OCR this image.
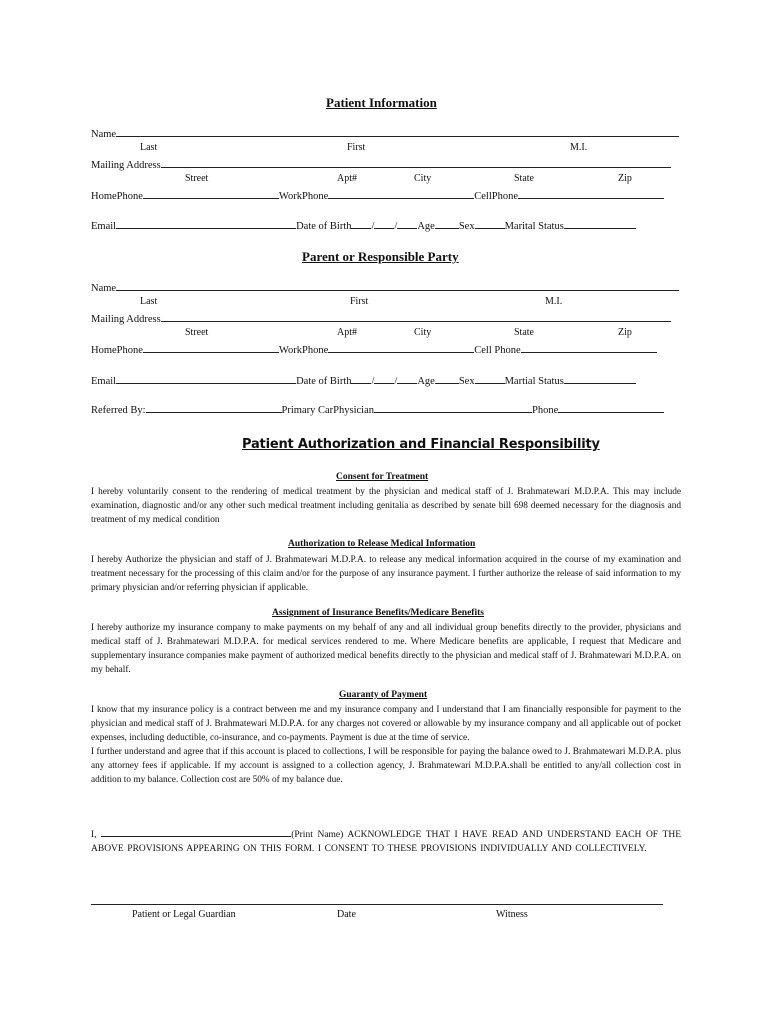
Patient Information
Name
Last	First	M.I.
Mailing Address
Street	Apt#	City	State	Zip
HomePhone	WorkPhone	CellPhone
Email	Date of Birth / / Age Sex	Marital Status
Parent or Responsible Party
Name
Last	First	M.I.
Mailing Address
Street	Apt#	City	State	Zip
HomePhone	WorkPhone	Cell Phone
Email	Date of Birth / / Age Sex	Martial Status
Referred By:	Primary CarPhysician	Phone
Patient Authorization and Financial Responsibility
Consent for Treatment
I hereby voluntarily consent to the rendering of medical treatment by the physician and medical staff of J. Brahmatewari M.D.P.A. This may include examination, diagnostic and/or any other such medical treatment including genitalia as described by senate bill 698 deemed necessary for the diagnosis and treatment of my medical condition
Authorization to Release Medical Information
I hereby Authorize the physician and staff of J. Brahmatewari M.D.P.A. to release any medical information acquired in the course of my examination and treatment necessary for the processing of this claim and/or for the purpose of any insurance payment. I further authorize the release of said information to my primary physician and/or referring physician if applicable.
Assignment of Insurance Benefits/Medicare Benefits
I hereby authorize my insurance company to make payments on my behalf of any and all individual group benefits directly to the provider, physicians and medical staff of J. Brahmatewari M.D.P.A. for medical services rendered to me. Where Medicare benefits are applicable, I request that Medicare and supplementary insurance companies make payment of authorized medical benefits directly to the physician and medical staff of J. Brahmatewari M.D.P.A. on my behalf.
Guaranty of Payment
I know that my insurance policy is a contract between me and my insurance company and I understand that I am financially responsible for payment to the physician and medical staff of J. Brahmatewari M.D.P.A. for any charges not covered or allowable by my insurance company and all applicable out of pocket expenses, including deductible, co-insurance, and co-payments. Payment is due at the time of service.
I further understand and agree that if this account is placed to collections, I will be responsible for paying the balance owed to J. Brahmatewari M.D.P.A. plus any attorney fees if applicable. If my account is assigned to a collection agency, J. Brahmatewari M.D.P.A.shall be entitled to any/all collection cost in addition to my balance. Collection cost are 50% of my balance due.
I,	(Print Name) ACKNOWLEDGE THAT I HAVE READ AND UNDERSTAND EACH OF THE ABOVE PROVISIONS APPEARING ON THIS FORM. I CONSENT TO THESE PROVISIONS INDIVIDUALLY AND COLLECTIVELY.
Patient or Legal Guardian	Date	Witness
